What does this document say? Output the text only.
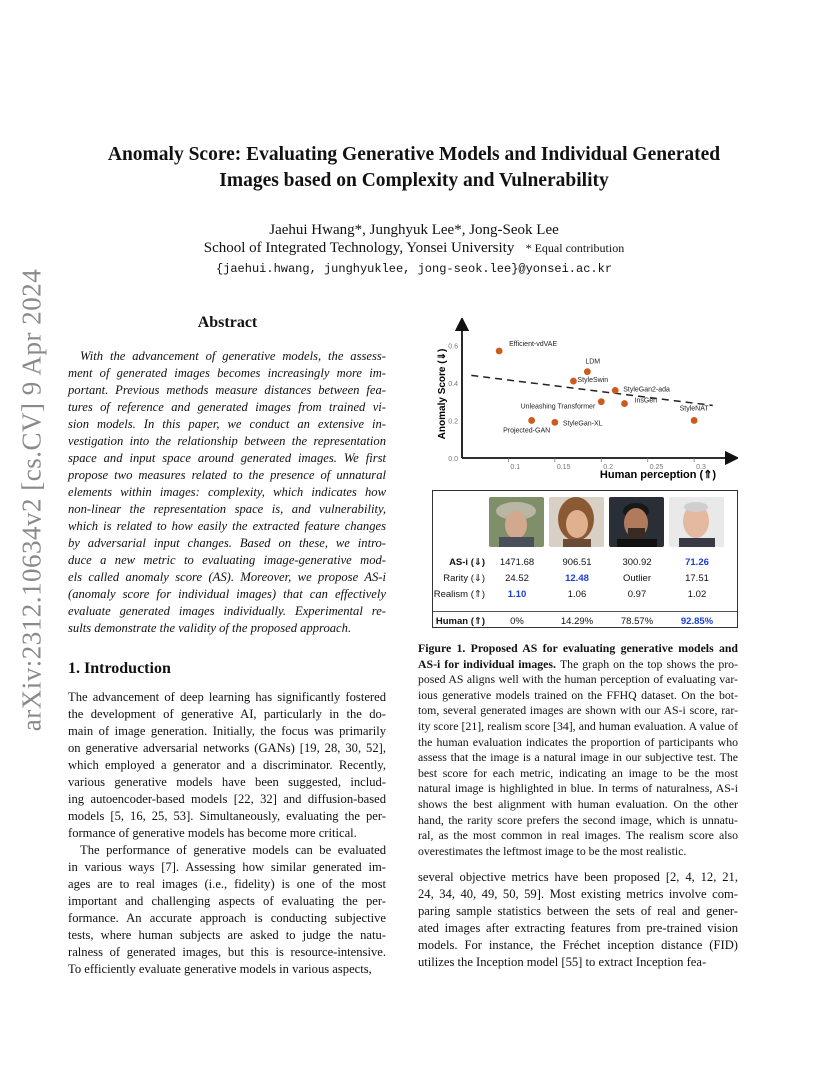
arXiv:2312.10634v2 [cs.CV] 9 Apr 2024
Anomaly Score: Evaluating Generative Models and Individual Generated
Images based on Complexity and Vulnerability
Jaehui Hwang*, Junghyuk Lee*, Jong-Seok Lee
School of Integrated Technology, Yonsei University * Equal contribution
{jaehui.hwang, junghyuklee, jong-seok.lee}@yonsei.ac.kr
Abstract
With the advancement of generative models, the assess-
ment of generated images becomes increasingly more im-
portant. Previous methods measure distances between fea-
tures of reference and generated images from trained vi-
sion models. In this paper, we conduct an extensive in-
vestigation into the relationship between the representation
space and input space around generated images. We first
propose two measures related to the presence of unnatural
elements within images: complexity, which indicates how
non-linear the representation space is, and vulnerability,
which is related to how easily the extracted feature changes
by adversarial input changes. Based on these, we intro-
duce a new metric to evaluating image-generative mod-
els called anomaly score (AS). Moreover, we propose AS-i
(anomaly score for individual images) that can effectively
evaluate generated images individually. Experimental re-
sults demonstrate the validity of the proposed approach.
1. Introduction
The advancement of deep learning has significantly fostered
the development of generative AI, particularly in the do-
main of image generation. Initially, the focus was primarily
on generative adversarial networks (GANs) [19, 28, 30, 52],
which employed a generator and a discriminator. Recently,
various generative models have been suggested, includ-
ing autoencoder-based models [22, 32] and diffusion-based
models [5, 16, 25, 53]. Simultaneously, evaluating the per-
formance of generative models has become more critical.
The performance of generative models can be evaluated
in various ways [7]. Assessing how similar generated im-
ages are to real images (i.e., fidelity) is one of the most
important and challenging aspects of evaluating the per-
formance. An accurate approach is conducting subjective
tests, where human subjects are asked to judge the natu-
ralness of generated images, but this is resource-intensive.
To efficiently evaluate generative models in various aspects,
0.0
0.2
0.4
0.6
0.1	0.15	0.2	0.25	0.3
Efficient-vdVAE
LDM
StyleSwin
StyleGan2-ada
Unleashing Transformer
InsGen
StyleNAT
Projected-GAN
StyleGan-XL
Anomaly Score (⇓)
Human perception (⇑)
AS-i (⇓)	1471.68	906.51	300.92	71.26
Rarity (⇓)	24.52	12.48	Outlier	17.51
Realism (⇑)	1.10	1.06	0.97	1.02
Human (⇑)	0%	14.29%	78.57%	92.85%
Figure 1. Proposed AS for evaluating generative models and AS-i for individual images. The graph on the top shows the pro-posed AS aligns well with the human perception of evaluating var-ious generative models trained on the FFHQ dataset. On the bot-tom, several generated images are shown with our AS-i score, rar-ity score [21], realism score [34], and human evaluation. A value of the human evaluation indicates the proportion of participants who assess that the image is a natural image in our subjective test. The best score for each metric, indicating an image to be the most natural image is highlighted in blue. In terms of naturalness, AS-i shows the best alignment with human evaluation. On the other hand, the rarity score prefers the second image, which is unnatu-ral, as the most common in real images. The realism score also overestimates the leftmost image to be the most realistic.
several objective metrics have been proposed [2, 4, 12, 21,
24, 34, 40, 49, 50, 59]. Most existing metrics involve com-
paring sample statistics between the sets of real and gener-
ated images after extracting features from pre-trained vision
models. For instance, the Fréchet inception distance (FID)
utilizes the Inception model [55] to extract Inception fea-
